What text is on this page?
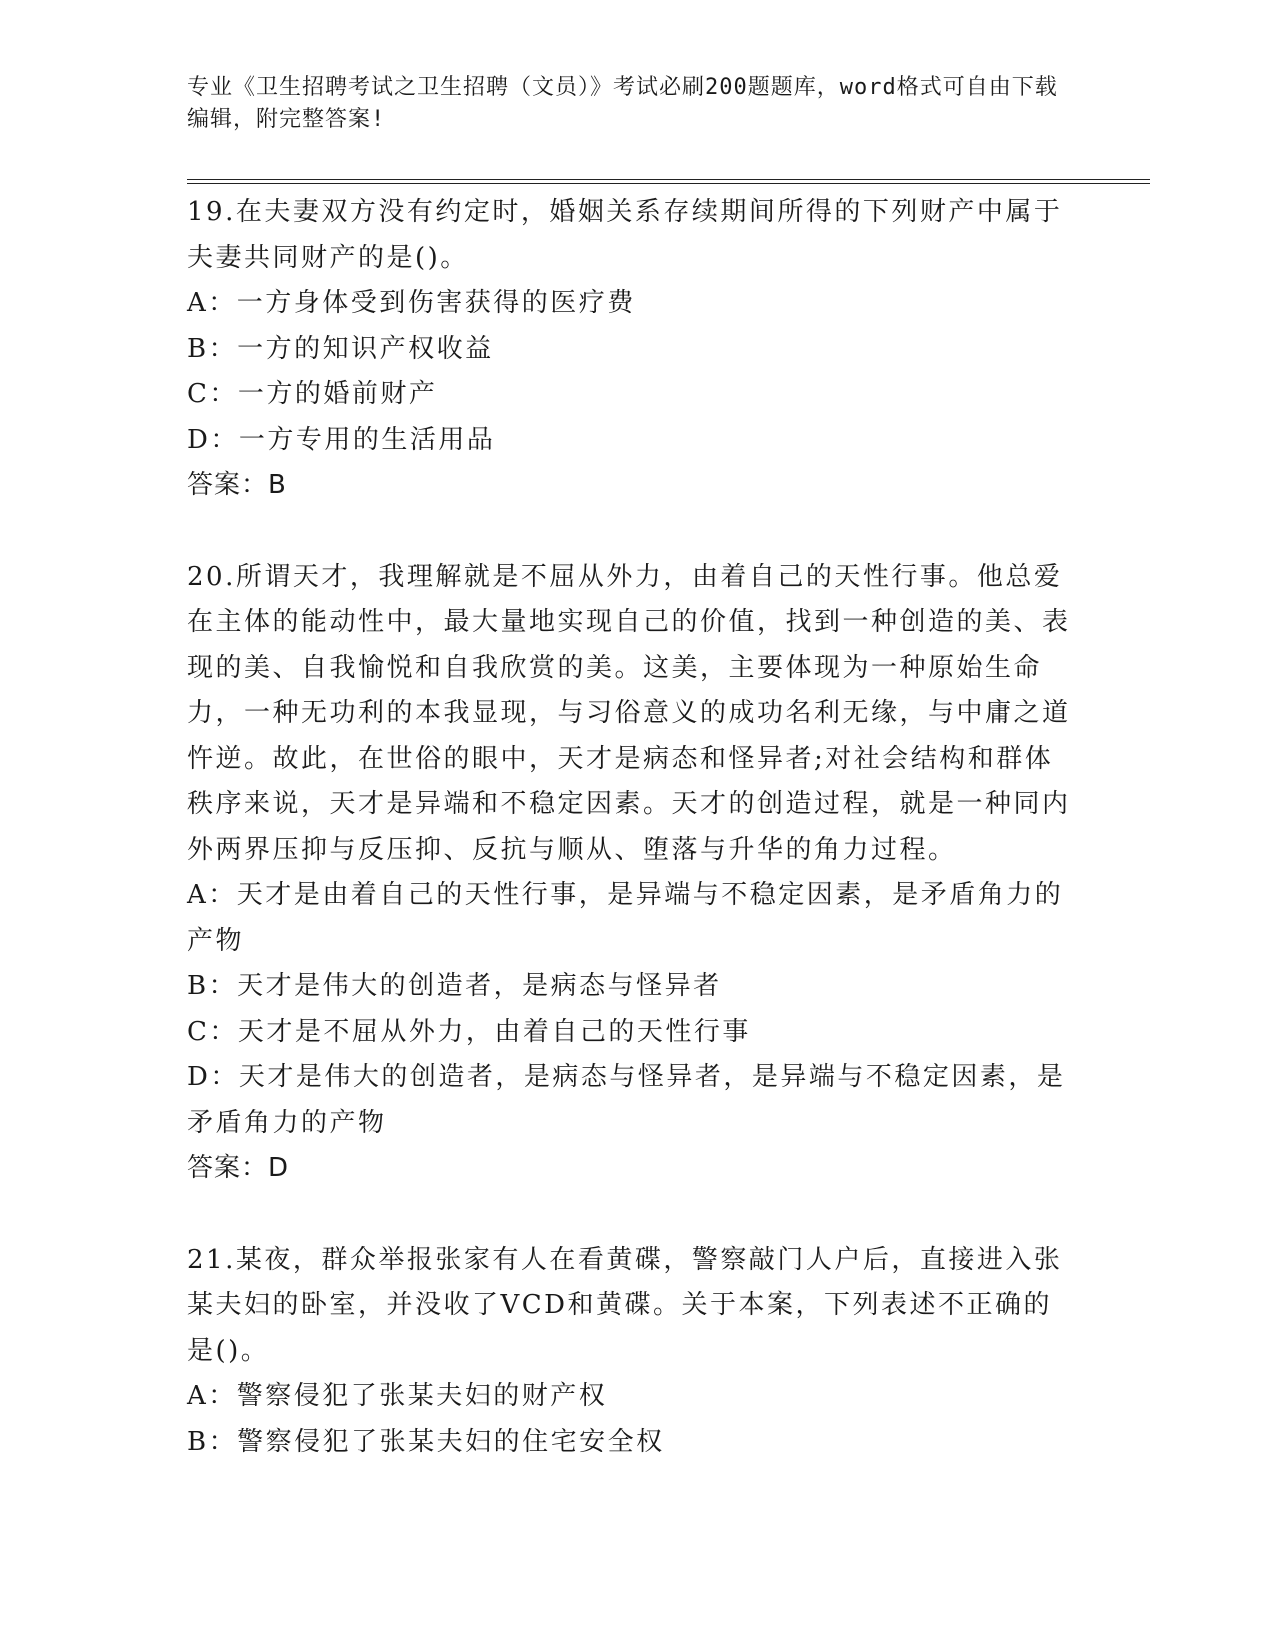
专业《卫生招聘考试之卫生招聘（文员）》考试必刷200题题库，word格式可自由下载编辑，附完整答案!

19.在夫妻双方没有约定时，婚姻关系存续期间所得的下列财产中属于夫妻共同财产的是()。

A：一方身体受到伤害获得的医疗费

B：一方的知识产权收益

C：一方的婚前财产

D：一方专用的生活用品

答案：B

20.所谓天才，我理解就是不屈从外力，由着自己的天性行事。他总爱在主体的能动性中，最大量地实现自己的价值，找到一种创造的美、表现的美、自我愉悦和自我欣赏的美。这美，主要体现为一种原始生命力，一种无功利的本我显现，与习俗意义的成功名利无缘，与中庸之道忤逆。故此，在世俗的眼中，天才是病态和怪异者;对社会结构和群体秩序来说，天才是异端和不稳定因素。天才的创造过程，就是一种同内外两界压抑与反压抑、反抗与顺从、堕落与升华的角力过程。

A：天才是由着自己的天性行事，是异端与不稳定因素，是矛盾角力的产物

B：天才是伟大的创造者，是病态与怪异者

C：天才是不屈从外力，由着自己的天性行事

D：天才是伟大的创造者，是病态与怪异者，是异端与不稳定因素，是矛盾角力的产物

答案：D

21.某夜，群众举报张家有人在看黄碟，警察敲门人户后，直接进入张某夫妇的卧室，并没收了VCD和黄碟。关于本案，下列表述不正确的是()。

A：警察侵犯了张某夫妇的财产权

B：警察侵犯了张某夫妇的住宅安全权
